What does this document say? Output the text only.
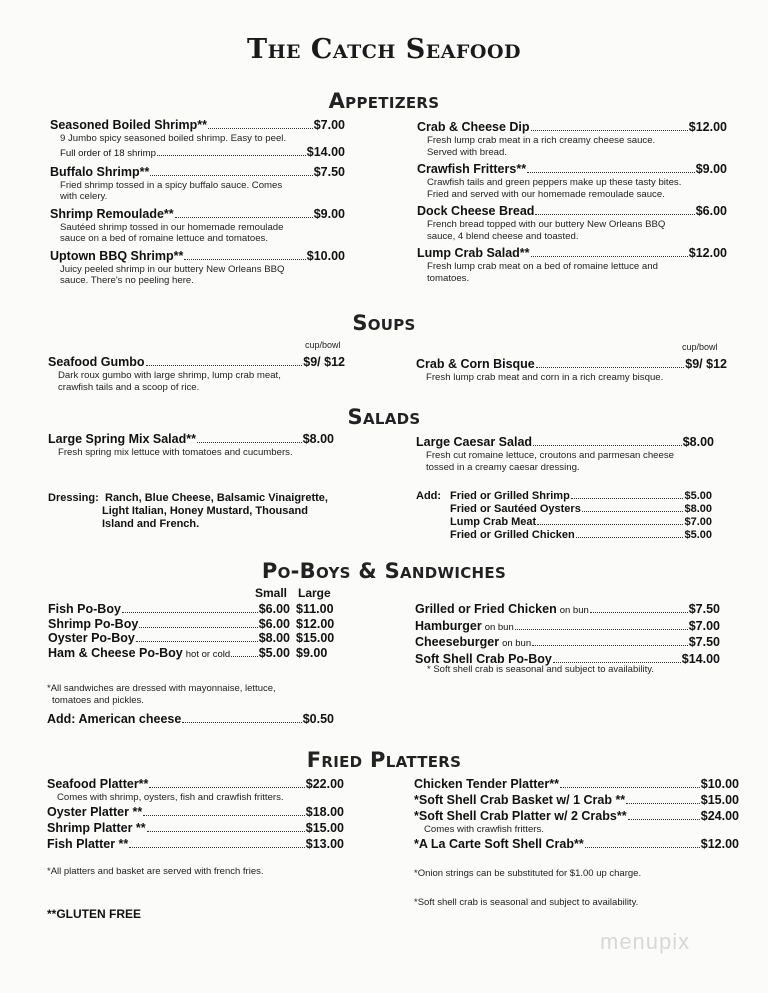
The Catch Seafood
Appetizers
Seasoned Boiled Shrimp**	$7.00
9 Jumbo spicy seasoned boiled shrimp. Easy to peel.
Full order of 18 shrimp	$14.00
Buffalo Shrimp**	$7.50
Fried shrimp tossed in a spicy buffalo sauce. Comes
with celery.
Shrimp Remoulade**	$9.00
Sautéed shrimp tossed in our homemade remoulade
sauce on a bed of romaine lettuce and tomatoes.
Uptown BBQ Shrimp**	$10.00
Juicy peeled shrimp in our buttery New Orleans BBQ
sauce. There's no peeling here.
Crab & Cheese Dip	$12.00
Fresh lump crab meat in a rich creamy cheese sauce.
Served with bread.
Crawfish Fritters**	$9.00
Crawfish tails and green peppers make up these tasty bites.
Fried and served with our homemade remoulade sauce.
Dock Cheese Bread	$6.00
French bread topped with our buttery New Orleans BBQ
sauce, 4 blend cheese and toasted.
Lump Crab Salad**	$12.00
Fresh lump crab meat on a bed of romaine lettuce and
tomatoes.
Soups
cup/bowl	cup/bowl
Seafood Gumbo	$9/ $12
Dark roux gumbo with large shrimp, lump crab meat,
crawfish tails and a scoop of rice.
Crab & Corn Bisque	$9/ $12
Fresh lump crab meat and corn in a rich creamy bisque.
Salads
Large Spring Mix Salad**	$8.00
Fresh spring mix lettuce with tomatoes and cucumbers.
Large Caesar Salad	$8.00
Fresh cut romaine lettuce, croutons and parmesan cheese
tossed in a creamy caesar dressing.
Dressing: Ranch, Blue Cheese, Balsamic Vinaigrette,
Light Italian, Honey Mustard, Thousand
Island and French.
Add: Fried or Grilled Shrimp	$5.00
Fried or Sautéed Oysters	$8.00
Lump Crab Meat	$7.00
Fried or Grilled Chicken	$5.00
Po-Boys & Sandwiches
Small Large
Fish Po-Boy	$6.00 $11.00
Shrimp Po-Boy	$6.00 $12.00
Oyster Po-Boy	$8.00 $15.00
Ham & Cheese Po-Boy hot or cold $5.00 $9.00
Grilled or Fried Chicken on bun	$7.50
Hamburger on bun	$7.00
Cheeseburger on bun	$7.50
Soft Shell Crab Po-Boy	$14.00
* Soft shell crab is seasonal and subject to availability.
*All sandwiches are dressed with mayonnaise, lettuce,
tomatoes and pickles.
Add: American cheese	$0.50
Fried Platters
Seafood Platter**	$22.00
Comes with shrimp, oysters, fish and crawfish fritters.
Oyster Platter **	$18.00
Shrimp Platter **	$15.00
Fish Platter **	$13.00
Chicken Tender Platter**	$10.00
*Soft Shell Crab Basket w/ 1 Crab **	$15.00
*Soft Shell Crab Platter w/ 2 Crabs**	$24.00
Comes with crawfish fritters.
*A La Carte Soft Shell Crab**	$12.00
*All platters and basket are served with french fries.	*Onion strings can be substituted for $1.00 up charge.
*Soft shell crab is seasonal and subject to availability.
**GLUTEN FREE
menupix
